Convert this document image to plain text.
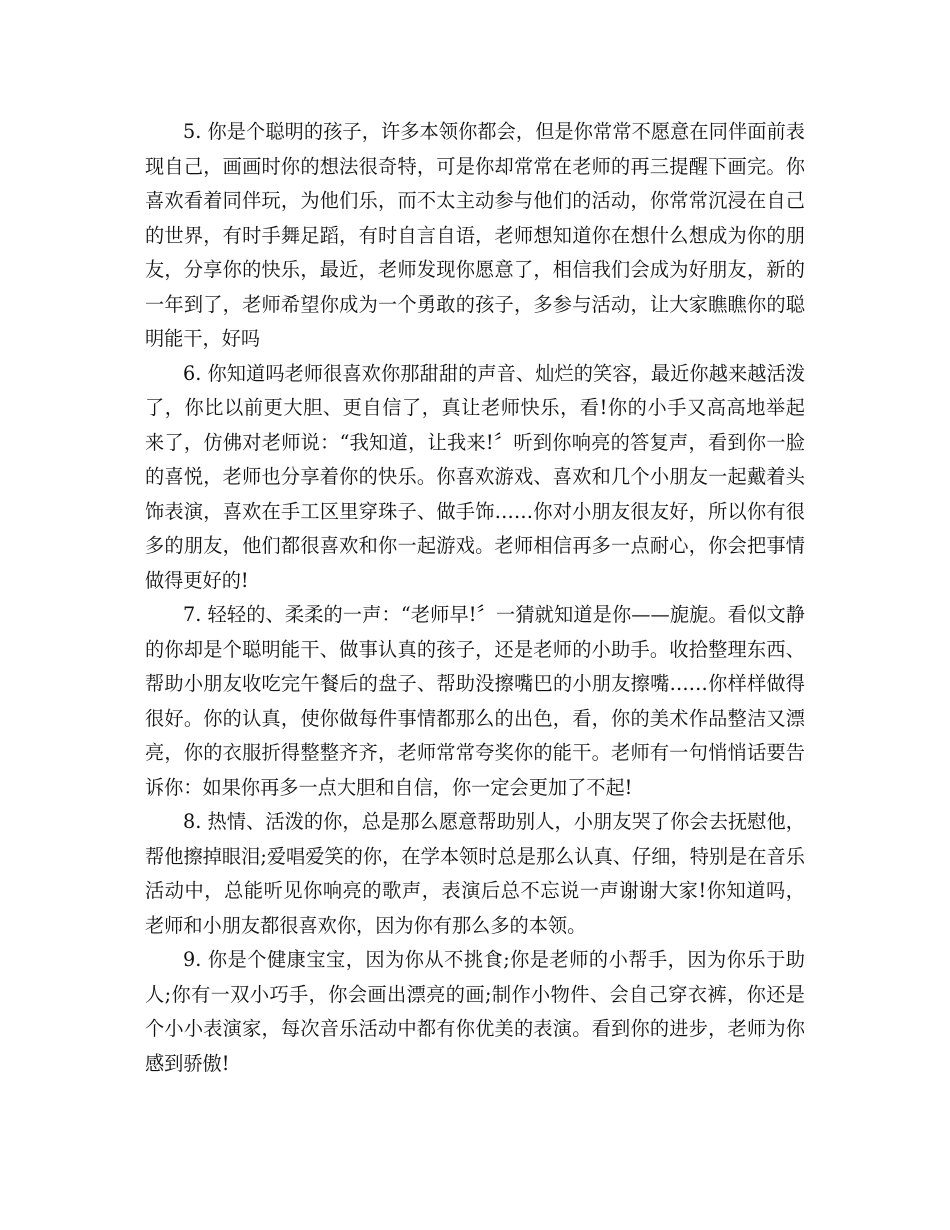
5. 你是个聪明的孩子，许多本领你都会，但是你常常不愿意在同伴面前表现自己，画画时你的想法很奇特，可是你却常常在老师的再三提醒下画完。你喜欢看着同伴玩，为他们乐，而不太主动参与他们的活动，你常常沉浸在自己的世界，有时手舞足蹈，有时自言自语，老师想知道你在想什么想成为你的朋友，分享你的快乐，最近，老师发现你愿意了，相信我们会成为好朋友，新的一年到了，老师希望你成为一个勇敢的孩子，多参与活动，让大家瞧瞧你的聪明能干，好吗

6. 你知道吗老师很喜欢你那甜甜的声音、灿烂的笑容，最近你越来越活泼了，你比以前更大胆、更自信了，真让老师快乐，看!你的小手又高高地举起来了，仿佛对老师说：“我知道，让我来!〞听到你响亮的答复声，看到你一脸的喜悦，老师也分享着你的快乐。你喜欢游戏、喜欢和几个小朋友一起戴着头饰表演，喜欢在手工区里穿珠子、做手饰……你对小朋友很友好，所以你有很多的朋友，他们都很喜欢和你一起游戏。老师相信再多一点耐心，你会把事情做得更好的!

7. 轻轻的、柔柔的一声：“老师早!〞一猜就知道是你——旎旎。看似文静的你却是个聪明能干、做事认真的孩子，还是老师的小助手。收拾整理东西、帮助小朋友收吃完午餐后的盘子、帮助没擦嘴巴的小朋友擦嘴……你样样做得很好。你的认真，使你做每件事情都那么的出色，看，你的美术作品整洁又漂亮，你的衣服折得整整齐齐，老师常常夸奖你的能干。老师有一句悄悄话要告诉你：如果你再多一点大胆和自信，你一定会更加了不起!

8. 热情、活泼的你，总是那么愿意帮助别人，小朋友哭了你会去抚慰他，帮他擦掉眼泪;爱唱爱笑的你，在学本领时总是那么认真、仔细，特别是在音乐活动中，总能听见你响亮的歌声，表演后总不忘说一声谢谢大家!你知道吗，老师和小朋友都很喜欢你，因为你有那么多的本领。

9. 你是个健康宝宝，因为你从不挑食;你是老师的小帮手，因为你乐于助人;你有一双小巧手，你会画出漂亮的画;制作小物件、会自己穿衣裤，你还是个小小表演家，每次音乐活动中都有你优美的表演。看到你的进步，老师为你感到骄傲!
